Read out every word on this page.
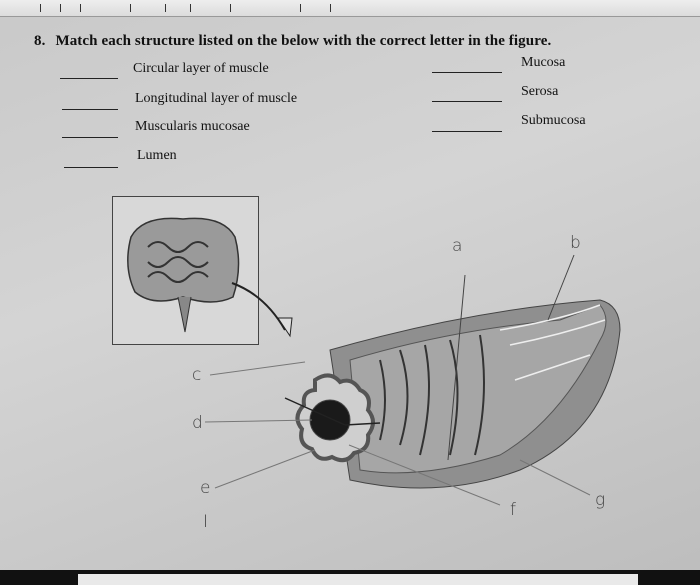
8. Match each structure listed on the below with the correct letter in the figure.
Circular layer of muscle
Longitudinal layer of muscle
Muscularis mucosae
Lumen
Mucosa
Serosa
Submucosa
a	b
c
d
e
f	g
I
